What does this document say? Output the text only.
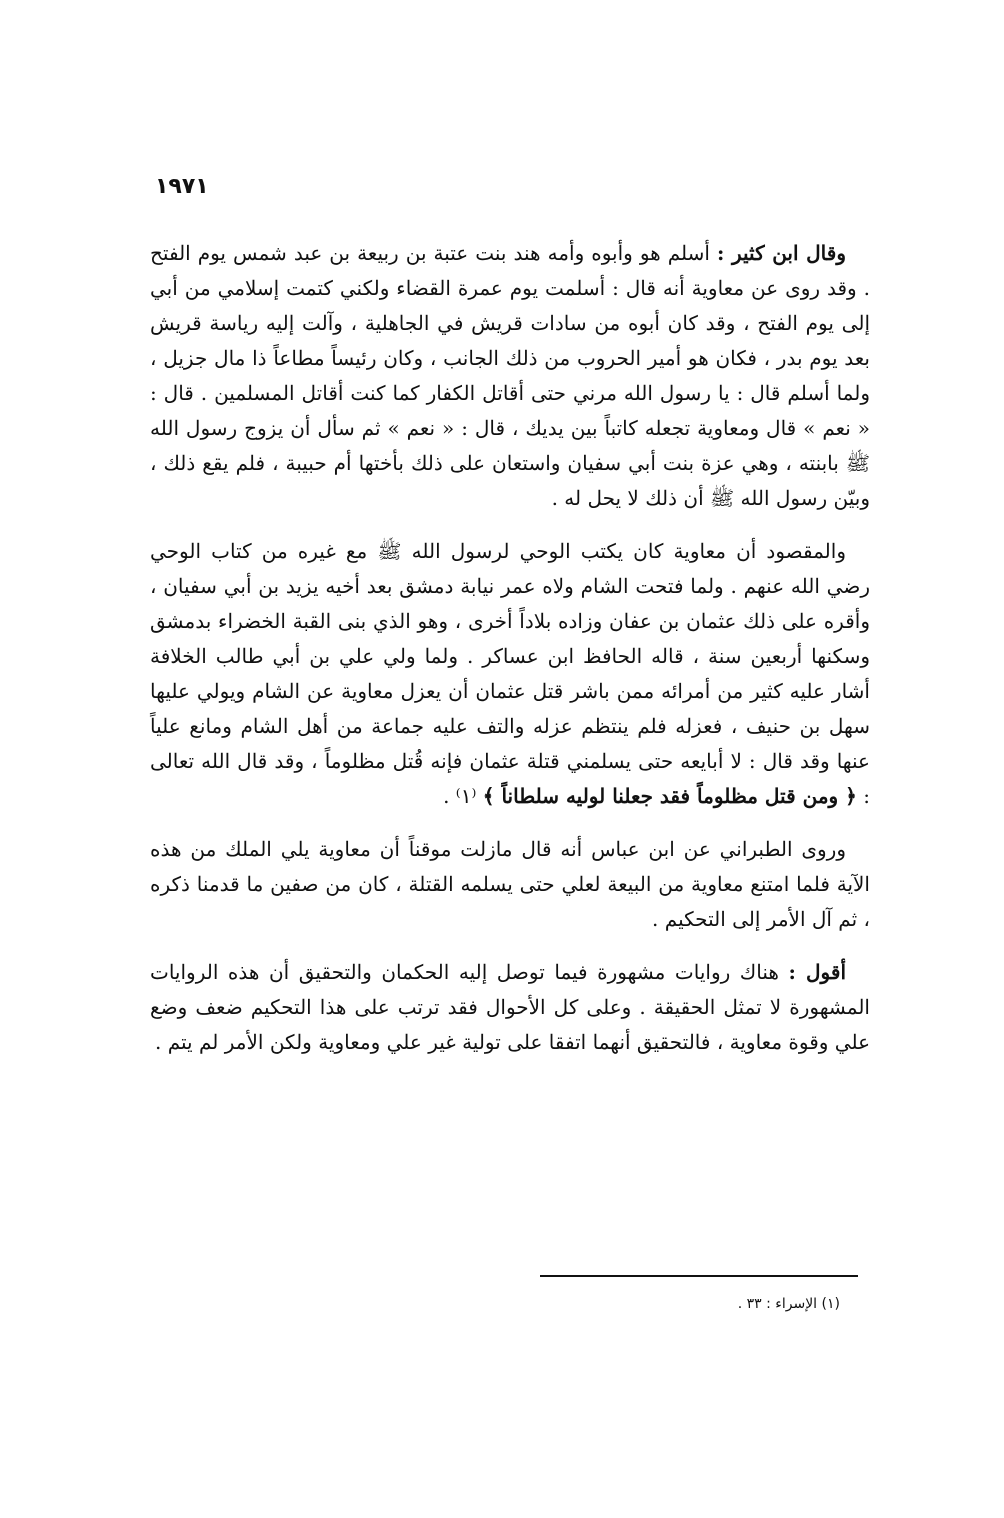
١٩٧١

وقال ابن كثير : أسلم هو وأبوه وأمه هند بنت عتبة بن ربيعة بن عبد شمس يوم الفتح . وقد روى عن معاوية أنه قال : أسلمت يوم عمرة القضاء ولكني كتمت إسلامي من أبي إلى يوم الفتح ، وقد كان أبوه من سادات قريش في الجاهلية ، وآلت إليه رياسة قريش بعد يوم بدر ، فكان هو أمير الحروب من ذلك الجانب ، وكان رئيساً مطاعاً ذا مال جزيل ، ولما أسلم قال : يا رسول الله مرني حتى أقاتل الكفار كما كنت أقاتل المسلمين . قال : « نعم » قال ومعاوية تجعله كاتباً بين يديك ، قال : « نعم » ثم سأل أن يزوج رسول الله ﷺ بابنته ، وهي عزة بنت أبي سفيان واستعان على ذلك بأختها أم حبيبة ، فلم يقع ذلك ، وبيّن رسول الله ﷺ أن ذلك لا يحل له .

والمقصود أن معاوية كان يكتب الوحي لرسول الله ﷺ مع غيره من كتاب الوحي رضي الله عنهم . ولما فتحت الشام ولاه عمر نيابة دمشق بعد أخيه يزيد بن أبي سفيان ، وأقره على ذلك عثمان بن عفان وزاده بلاداً أخرى ، وهو الذي بنى القبة الخضراء بدمشق وسكنها أربعين سنة ، قاله الحافظ ابن عساكر . ولما ولي علي بن أبي طالب الخلافة أشار عليه كثير من أمرائه ممن باشر قتل عثمان أن يعزل معاوية عن الشام ويولي عليها سهل بن حنيف ، فعزله فلم ينتظم عزله والتف عليه جماعة من أهل الشام ومانع علياً عنها وقد قال : لا أبايعه حتى يسلمني قتلة عثمان فإنه قُتل مظلوماً ، وقد قال الله تعالى : ﴿ ومن قتل مظلوماً فقد جعلنا لوليه سلطاناً ﴾ ⁽١⁾ .

وروى الطبراني عن ابن عباس أنه قال مازلت موقناً أن معاوية يلي الملك من هذه الآية فلما امتنع معاوية من البيعة لعلي حتى يسلمه القتلة ، كان من صفين ما قدمنا ذكره ، ثم آل الأمر إلى التحكيم .

أقول : هناك روايات مشهورة فيما توصل إليه الحكمان والتحقيق أن هذه الروايات المشهورة لا تمثل الحقيقة . وعلى كل الأحوال فقد ترتب على هذا التحكيم ضعف وضع علي وقوة معاوية ، فالتحقيق أنهما اتفقا على تولية غير علي ومعاوية ولكن الأمر لم يتم .

(١) الإسراء : ٣٣ .
